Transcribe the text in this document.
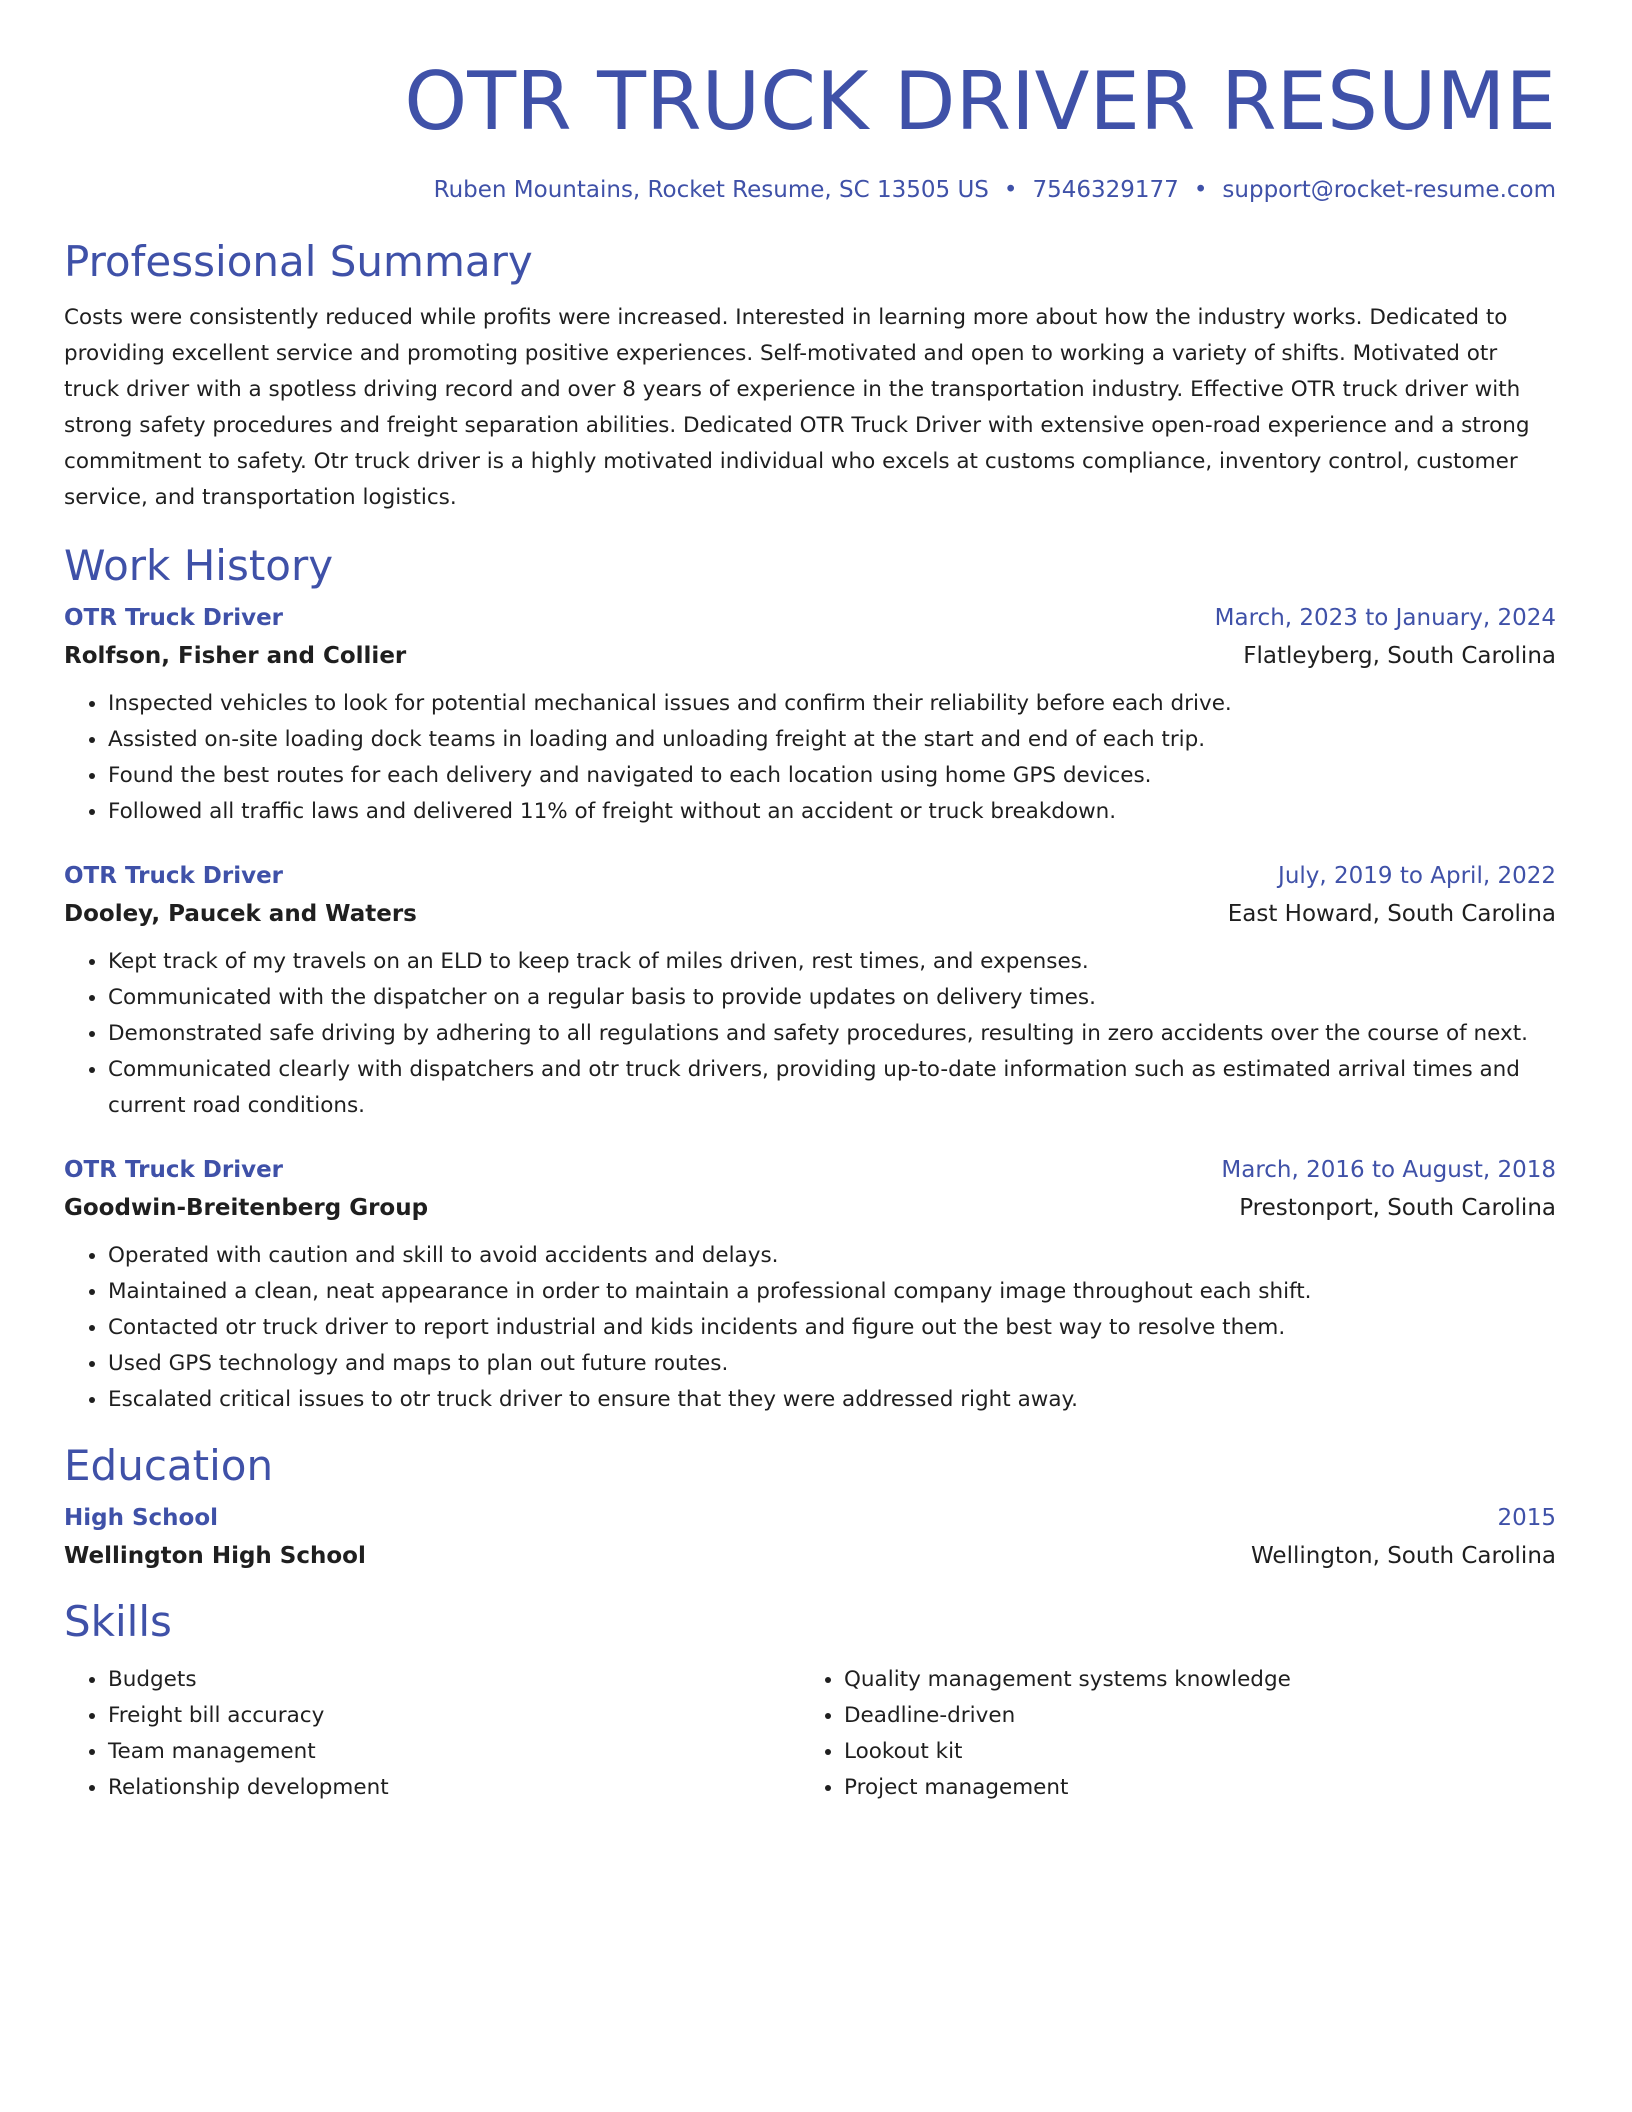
OTR TRUCK DRIVER RESUME
Ruben Mountains, Rocket Resume, SC 13505 US • 7546329177 • support@rocket-resume.com
Professional Summary

Costs were consistently reduced while profits were increased. Interested in learning more about how the industry works. Dedicated to providing excellent service and promoting positive experiences. Self-motivated and open to working a variety of shifts. Motivated otr truck driver with a spotless driving record and over 8 years of experience in the transportation industry. Effective OTR truck driver with strong safety procedures and freight separation abilities. Dedicated OTR Truck Driver with extensive open-road experience and a strong commitment to safety. Otr truck driver is a highly motivated individual who excels at customs compliance, inventory control, customer service, and transportation logistics.

Work History
OTR Truck Driver	March, 2023 to January, 2024
Rolfson, Fisher and Collier	Flatleyberg, South Carolina
• Inspected vehicles to look for potential mechanical issues and confirm their reliability before each drive.
• Assisted on-site loading dock teams in loading and unloading freight at the start and end of each trip.
• Found the best routes for each delivery and navigated to each location using home GPS devices.
• Followed all traffic laws and delivered 11% of freight without an accident or truck breakdown.
OTR Truck Driver	July, 2019 to April, 2022
Dooley, Paucek and Waters	East Howard, South Carolina
• Kept track of my travels on an ELD to keep track of miles driven, rest times, and expenses.
• Communicated with the dispatcher on a regular basis to provide updates on delivery times.
• Demonstrated safe driving by adhering to all regulations and safety procedures, resulting in zero accidents over the course of next.
• Communicated clearly with dispatchers and otr truck drivers, providing up-to-date information such as estimated arrival times and current road conditions.
OTR Truck Driver	March, 2016 to August, 2018
Goodwin-Breitenberg Group	Prestonport, South Carolina
• Operated with caution and skill to avoid accidents and delays.
• Maintained a clean, neat appearance in order to maintain a professional company image throughout each shift.
• Contacted otr truck driver to report industrial and kids incidents and figure out the best way to resolve them.
• Used GPS technology and maps to plan out future routes.
• Escalated critical issues to otr truck driver to ensure that they were addressed right away.
Education
High School	2015
Wellington High School	Wellington, South Carolina
Skills
• Budgets
• Freight bill accuracy
• Team management
• Relationship development
• Quality management systems knowledge
• Deadline-driven
• Lookout kit
• Project management
